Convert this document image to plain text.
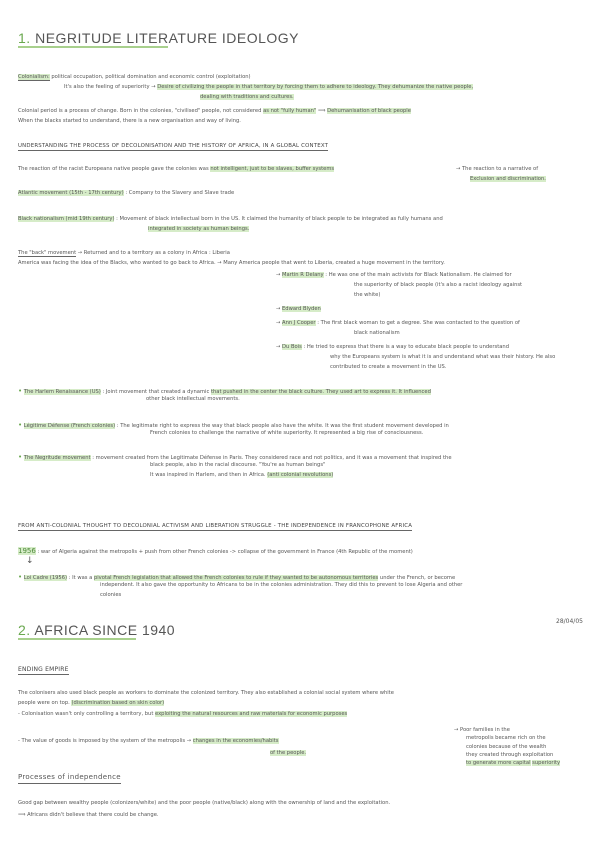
1. NEGRITUDE LITERATURE IDEOLOGY
Colonialism: political occupation, political domination and economic control (exploitation)
It's also the feeling of superiority → Desire of civilizing the people in that territory by forcing them to adhere to ideology. They dehumanize the native people,
dealing with traditions and cultures.
Colonial period is a process of change. Born in the colonies, "civilised" people, not considered as not "fully human" ⟹ Dehumanisation of black people
When the blacks started to understand, there is a new organisation and way of living.
UNDERSTANDING THE PROCESS OF DECOLONISATION AND THE HISTORY OF AFRICA, IN A GLOBAL CONTEXT
The reaction of the racist Europeans native people gave the colonies was not intelligent, just to be slaves, buffer systems	→ The reaction to a narrative of
Exclusion and discrimination.
Atlantic movement (15th - 17th century) : Company to the Slavery and Slave trade
Black nationalism (mid 19th century) : Movement of black intellectual born in the US. It claimed the humanity of black people to be integrated as fully humans and
integrated in society as human beings.
The "back" movement → Returned and to a territory as a colony in Africa : Liberia
America was facing the idea of the Blacks, who wanted to go back to Africa. → Many America people that went to Liberia, created a huge movement in the territory.
→ Martin R Delany : He was one of the main activists for Black Nationalism. He claimed for
the superiority of black people (it's also a racist ideology against
the white)
→ Edward Blyden
→ Ann J Cooper : The first black woman to get a degree. She was contacted to the question of
black nationalism
→ Du Bois : He tried to express that there is a way to educate black people to understand
why the Europeans system is what it is and understand what was their history. He also
contributed to create a movement in the US.
• The Harlem Renaissance (US) : Joint movement that created a dynamic that pushed in the center the black culture. They used art to express it. It influenced
other black intellectual movements.
• Légitime Défense (French colonies) : The legitimate right to express the way that black people also have the white. It was the first student movement developed in
French colonies to challenge the narrative of white superiority. It represented a big rise of consciousness.
• The Negritude movement : movement created from the Legitimate Défense in Paris. They considered race and not politics, and it was a movement that inspired the
black people, also in the racial discourse. "You're as human beings"
It was inspired in Harlem, and then in Africa. (anti colonial revolutions)
FROM ANTI-COLONIAL THOUGHT TO DECOLONIAL ACTIVISM AND LIBERATION STRUGGLE - THE INDEPENDENCE IN FRANCOPHONE AFRICA
1956 : war of Algeria against the metropolis + push from other French colonies -> collapse of the government in France (4th Republic of the moment)
↓
• Loi Cadre (1956) : It was a pivotal French legislation that allowed the French colonies to rule if they wanted to be autonomous territories under the French, or become
independent. It also gave the opportunity to Africans to be in the colonies administration. They did this to prevent to lose Algeria and other
colonies
28/04/05
2. AFRICA SINCE 1940
ENDING EMPIRE
The colonisers also used black people as workers to dominate the colonized territory. They also established a colonial social system where white
people were on top. (discrimination based on skin color)
- Colonisation wasn't only controlling a territory, but exploiting the natural resources and raw materials for economic purposes
→ Poor families in the
metropolis became rich on the
colonies because of the wealth
they created through exploitation
to generate more capital superiority
- The value of goods is imposed by the system of the metropolis → changes in the economies/habits
of the people.
Processes of independence
Good gap between wealthy people (colonizers/white) and the poor people (native/black) along with the ownership of land and the exploitation.
⟹ Africans didn't believe that there could be change.
